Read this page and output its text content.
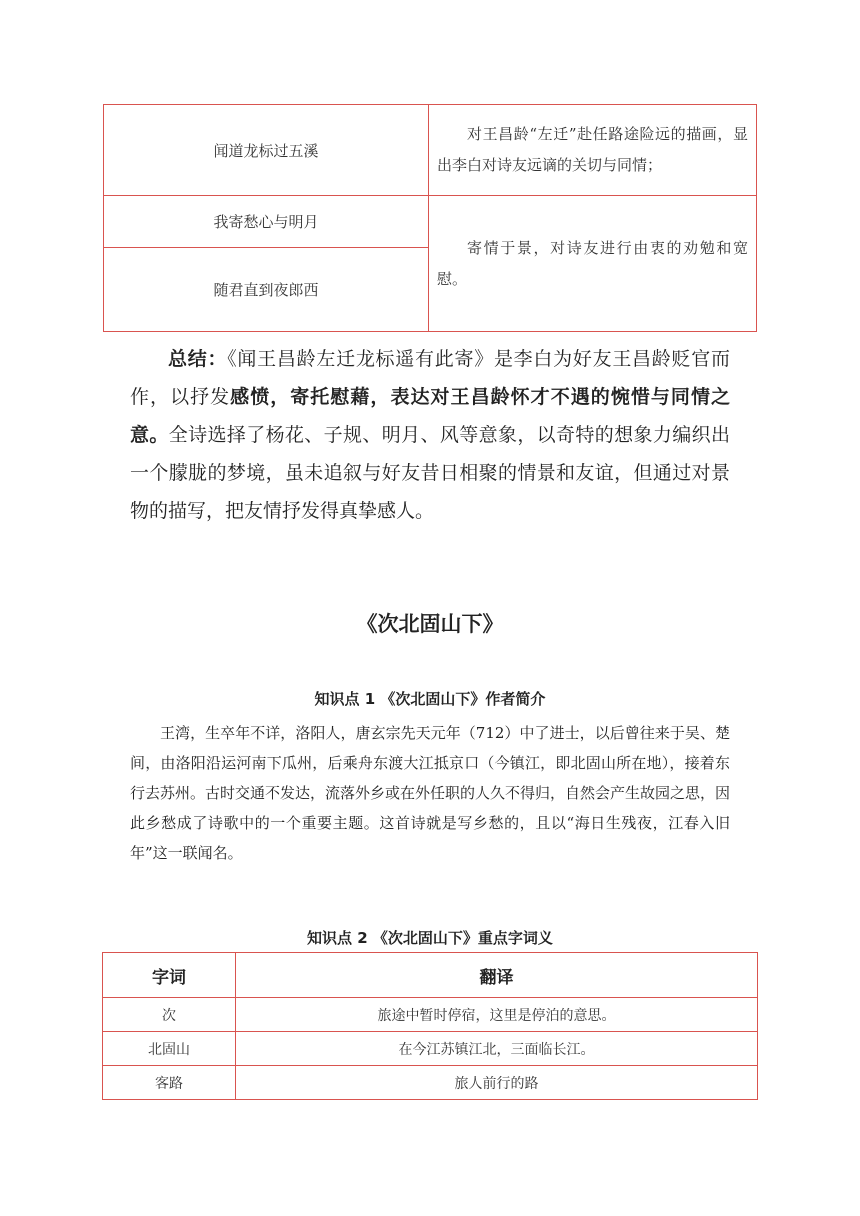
闻道龙标过五溪	对王昌龄“左迁”赴任路途险远的描画，显出李白对诗友远谪的关切与同情；
我寄愁心与明月	寄情于景，对诗友进行由衷的劝勉和宽慰。
随君直到夜郎西	

总结：《闻王昌龄左迁龙标遥有此寄》是李白为好友王昌龄贬官而作，以抒发感愤，寄托慰藉，表达对王昌龄怀才不遇的惋惜与同情之意。全诗选择了杨花、子规、明月、风等意象，以奇特的想象力编织出一个朦胧的梦境，虽未追叙与好友昔日相聚的情景和友谊，但通过对景物的描写，把友情抒发得真挚感人。

《次北固山下》
知识点 1 《次北固山下》作者简介

王湾，生卒年不详，洛阳人，唐玄宗先天元年（712）中了进士，以后曾往来于吴、楚间，由洛阳沿运河南下瓜州，后乘舟东渡大江抵京口（今镇江，即北固山所在地），接着东行去苏州。古时交通不发达，流落外乡或在外任职的人久不得归，自然会产生故园之思，因此乡愁成了诗歌中的一个重要主题。这首诗就是写乡愁的，且以“海日生残夜，江春入旧年”这一联闻名。

知识点 2 《次北固山下》重点字词义
字词	翻译
次	旅途中暂时停宿，这里是停泊的意思。
北固山	在今江苏镇江北，三面临长江。
客路	旅人前行的路
